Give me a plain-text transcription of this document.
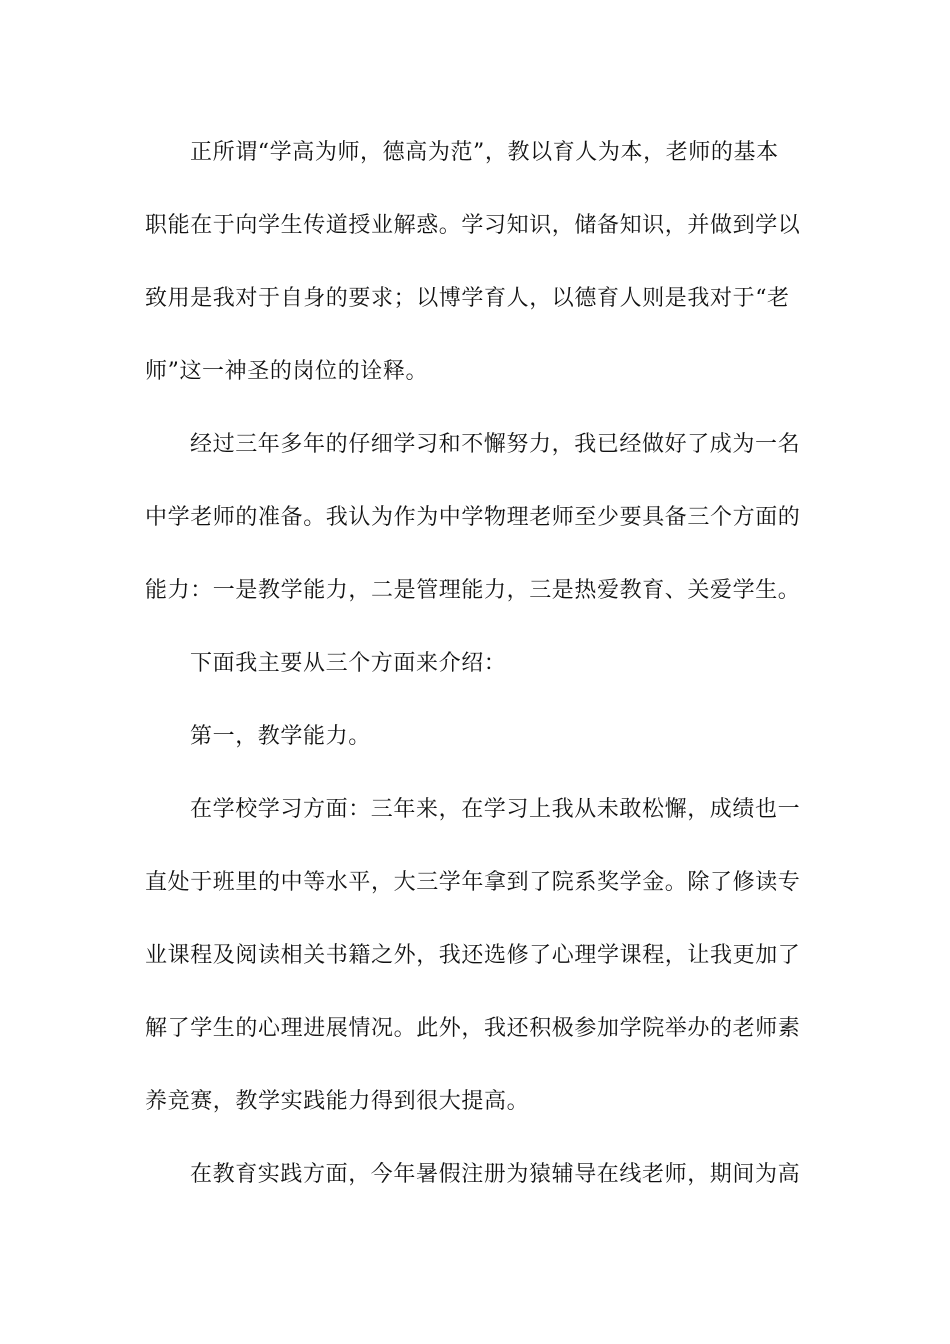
正所谓“学高为师，德高为范”，教以育人为本，老师的基本
职能在于向学生传道授业解惑。学习知识，储备知识，并做到学以
致用是我对于自身的要求；以博学育人，以德育人则是我对于“老
师”这一神圣的岗位的诠释。
经过三年多年的仔细学习和不懈努力，我已经做好了成为一名
中学老师的准备。我认为作为中学物理老师至少要具备三个方面的
能力：一是教学能力，二是管理能力，三是热爱教育、关爱学生。
下面我主要从三个方面来介绍：
第一，教学能力。
在学校学习方面：三年来，在学习上我从未敢松懈，成绩也一
直处于班里的中等水平，大三学年拿到了院系奖学金。除了修读专
业课程及阅读相关书籍之外，我还选修了心理学课程，让我更加了
解了学生的心理进展情况。此外，我还积极参加学院举办的老师素
养竞赛，教学实践能力得到很大提高。
在教育实践方面，今年暑假注册为猿辅导在线老师，期间为高
